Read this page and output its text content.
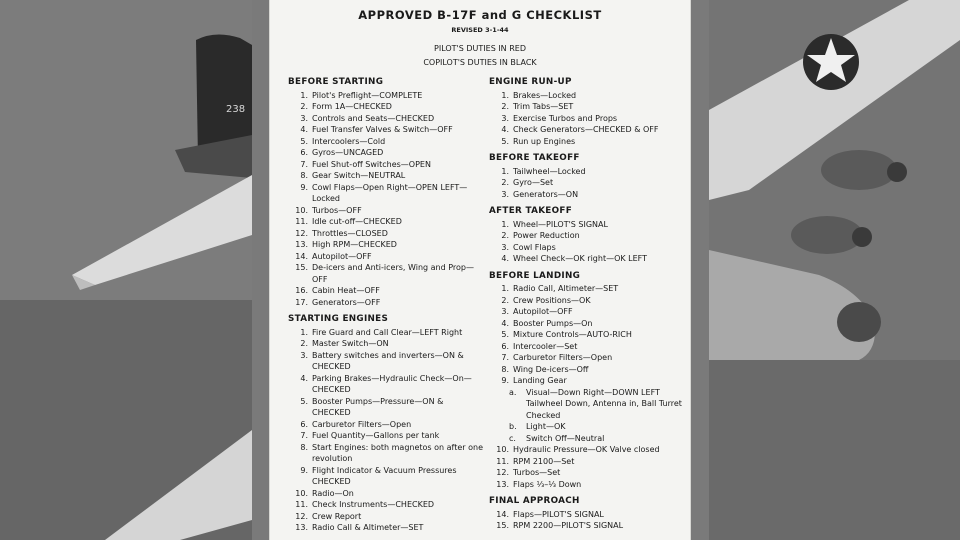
238
APPROVED B-17F and G CHECKLIST
REVISED 3-1-44
PILOT'S DUTIES IN RED
COPILOT'S DUTIES IN BLACK
BEFORE STARTING
1. Pilot's Preflight—COMPLETE
2. Form 1A—CHECKED
3. Controls and Seats—CHECKED
4. Fuel Transfer Valves & Switch—OFF
5. Intercoolers—Cold
6. Gyros—UNCAGED
7. Fuel Shut-off Switches—OPEN
8. Gear Switch—NEUTRAL
9. Cowl Flaps—Open Right—OPEN LEFT—Locked
10. Turbos—OFF
11. Idle cut-off—CHECKED
12. Throttles—CLOSED
13. High RPM—CHECKED
14. Autopilot—OFF
15. De-icers and Anti-icers, Wing and Prop—OFF
16. Cabin Heat—OFF
17. Generators—OFF
STARTING ENGINES
1. Fire Guard and Call Clear—LEFT Right
2. Master Switch—ON
3. Battery switches and inverters—ON & CHECKED
4. Parking Brakes—Hydraulic Check—On—CHECKED
5. Booster Pumps—Pressure—ON & CHECKED
6. Carburetor Filters—Open
7. Fuel Quantity—Gallons per tank
8. Start Engines: both magnetos on after one revolution
9. Flight Indicator & Vacuum Pressures CHECKED
10. Radio—On
11. Check Instruments—CHECKED
12. Crew Report
13. Radio Call & Altimeter—SET
ENGINE RUN-UP
1. Brakes—Locked
2. Trim Tabs—SET
3. Exercise Turbos and Props
4. Check Generators—CHECKED & OFF
5. Run up Engines
BEFORE TAKEOFF
1. Tailwheel—Locked
2. Gyro—Set
3. Generators—ON
AFTER TAKEOFF
1. Wheel—PILOT'S SIGNAL
2. Power Reduction
3. Cowl Flaps
4. Wheel Check—OK right—OK LEFT
BEFORE LANDING
1. Radio Call, Altimeter—SET
2. Crew Positions—OK
3. Autopilot—OFF
4. Booster Pumps—On
5. Mixture Controls—AUTO-RICH
6. Intercooler—Set
7. Carburetor Filters—Open
8. Wing De-icers—Off
9. Landing Gear
a.	Visual—Down Right—DOWN LEFT Tailwheel Down, Antenna in, Ball Turret Checked
b.	Light—OK
c.	Switch Off—Neutral
10. Hydraulic Pressure—OK Valve closed
11. RPM 2100—Set
12. Turbos—Set
13. Flaps ⅓–⅓ Down
FINAL APPROACH
14. Flaps—PILOT'S SIGNAL
15. RPM 2200—PILOT'S SIGNAL
